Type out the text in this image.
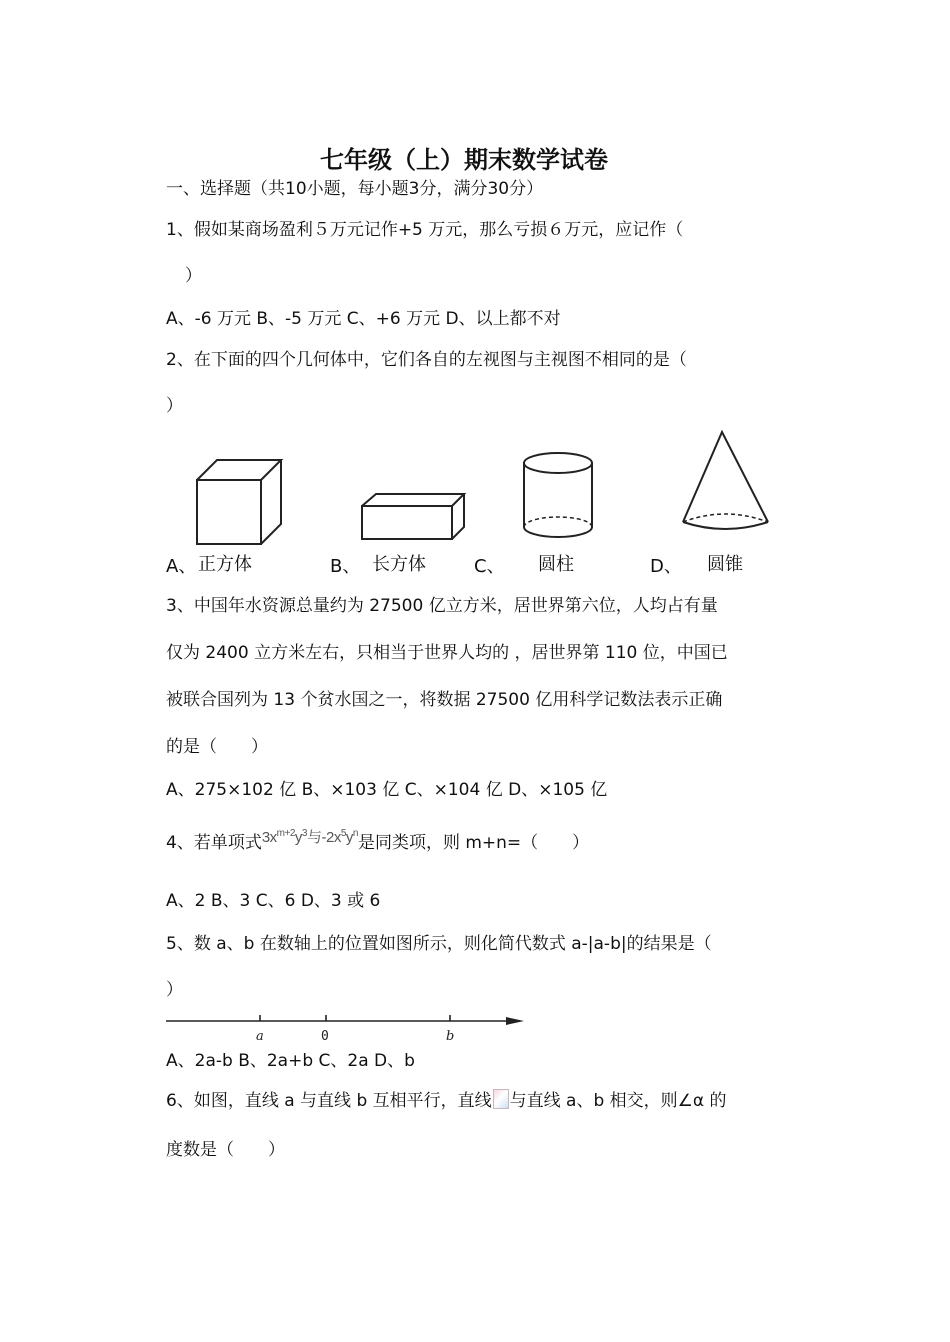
七年级（上）期末数学试卷
一、选择题（共10小题，每小题3分，满分30分）
1、假如某商场盈利５万元记作+5 万元，那么亏损６万元，应记作（
）
A、-6 万元 B、-5 万元 C、+6 万元 D、以上都不对
2、在下面的四个几何体中，它们各自的左视图与主视图不相同的是（
）
A、 正方体	B、 长方体	C、 圆柱	D、 圆锥
3、中国年水资源总量约为 27500 亿立方米，居世界第六位，人均占有量
仅为 2400 立方米左右，只相当于世界人均的 ，居世界第 110 位，中国已
被联合国列为 13 个贫水国之一，将数据 27500 亿用科学记数法表示正确
的是（　　）
A、275×102 亿 B、×103 亿 C、×104 亿 D、×105 亿
4、若单项式$3x^{m+2}y^3$与$-2x^5y^n$是同类项，则 m+n=（　　）
A、2 B、3 C、6 D、3 或 6
5、数 a、b 在数轴上的位置如图所示，则化简代数式 a-|a-b|的结果是（
）
a	0	b
A、2a-b B、2a+b C、2a D、b
6、如图，直线 a 与直线 b 互相平行，直线 与直线 a、b 相交，则∠α 的
度数是（　　）
